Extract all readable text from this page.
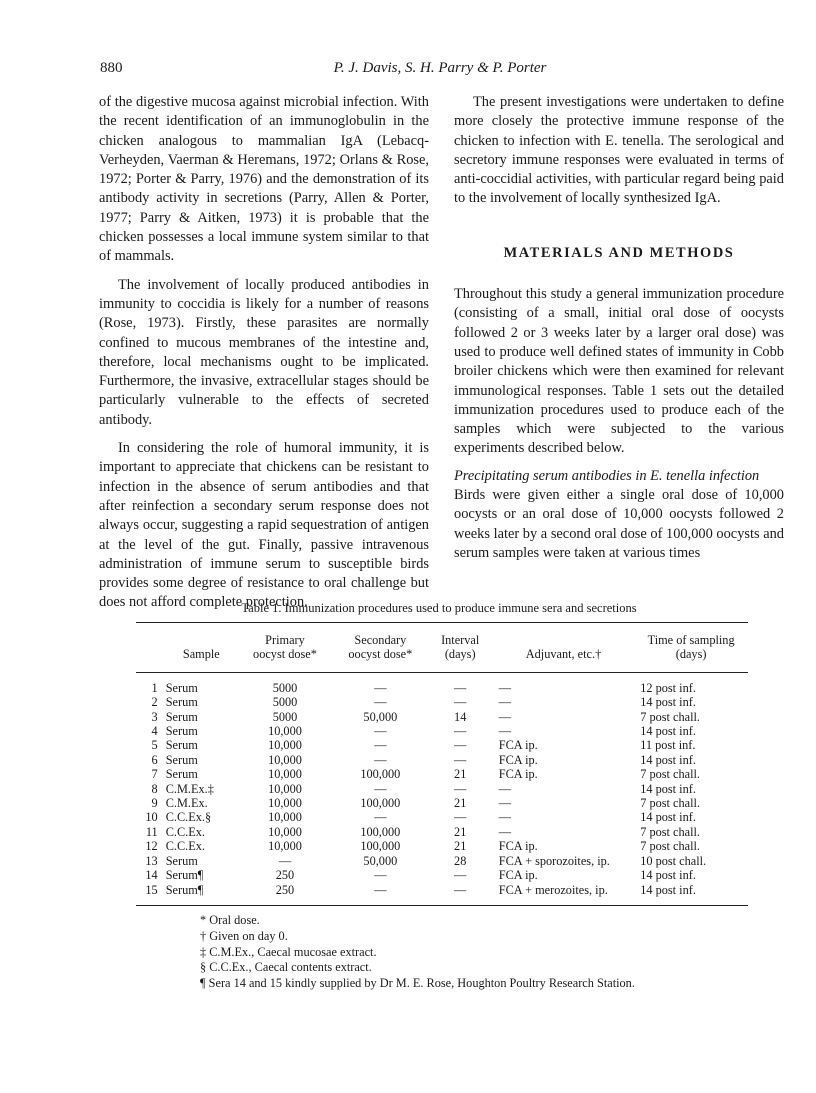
880	P. J. Davis, S. H. Parry & P. Porter

of the digestive mucosa against microbial infection. With the recent identification of an immunoglobulin in the chicken analogous to mammalian IgA (Lebacq-Verheyden, Vaerman & Heremans, 1972; Orlans & Rose, 1972; Porter & Parry, 1976) and the demonstration of its antibody activity in secretions (Parry, Allen & Porter, 1977; Parry & Aitken, 1973) it is probable that the chicken possesses a local immune system similar to that of mammals.

The involvement of locally produced antibodies in immunity to coccidia is likely for a number of reasons (Rose, 1973). Firstly, these parasites are normally confined to mucous membranes of the intestine and, therefore, local mechanisms ought to be implicated. Furthermore, the invasive, extracellular stages should be particularly vulnerable to the effects of secreted antibody.

In considering the role of humoral immunity, it is important to appreciate that chickens can be resistant to infection in the absence of serum antibodies and that after reinfection a secondary serum response does not always occur, suggesting a rapid sequestration of antigen at the level of the gut. Finally, passive intravenous administration of immune serum to susceptible birds provides some degree of resistance to oral challenge but does not afford complete protection.

The present investigations were undertaken to define more closely the protective immune response of the chicken to infection with E. tenella. The serological and secretory immune responses were evaluated in terms of anti-coccidial activities, with particular regard being paid to the involvement of locally synthesized IgA.

MATERIALS AND METHODS

Throughout this study a general immunization procedure (consisting of a small, initial oral dose of oocysts followed 2 or 3 weeks later by a larger oral dose) was used to produce well defined states of immunity in Cobb broiler chickens which were then examined for relevant immunological responses. Table 1 sets out the detailed immunization procedures used to produce each of the samples which were subjected to the various experiments described below.

Precipitating serum antibodies in E. tenella infection

Birds were given either a single oral dose of 10,000 oocysts or an oral dose of 10,000 oocysts followed 2 weeks later by a second oral dose of 100,000 oocysts and serum samples were taken at various times

Table 1. Immunization procedures used to produce immune sera and secretions
	Sample	Primary
oocyst dose*	Secondary
oocyst dose*	Interval
(days)	Adjuvant, etc.†	Time of sampling
(days)

1	Serum	5000	—	—	—	12 post inf.
2	Serum	5000	—	—	—	14 post inf.
3	Serum	5000	50,000	14	—	7 post chall.
4	Serum	10,000	—	—	—	14 post inf.
5	Serum	10,000	—	—	FCA ip.	11 post inf.
6	Serum	10,000	—	—	FCA ip.	14 post inf.
7	Serum	10,000	100,000	21	FCA ip.	7 post chall.
8	C.M.Ex.‡	10,000	—	—	—	14 post inf.
9	C.M.Ex.	10,000	100,000	21	—	7 post chall.
10	C.C.Ex.§	10,000	—	—	—	14 post inf.
11	C.C.Ex.	10,000	100,000	21	—	7 post chall.
12	C.C.Ex.	10,000	100,000	21	FCA ip.	7 post chall.
13	Serum	—	50,000	28	FCA + sporozoites, ip.	10 post chall.
14	Serum¶	250	—	—	FCA ip.	14 post inf.
15	Serum¶	250	—	—	FCA + merozoites, ip.	14 post inf.
* Oral dose.
† Given on day 0.
‡ C.M.Ex., Caecal mucosae extract.
§ C.C.Ex., Caecal contents extract.
¶ Sera 14 and 15 kindly supplied by Dr M. E. Rose, Houghton Poultry Research Station.
